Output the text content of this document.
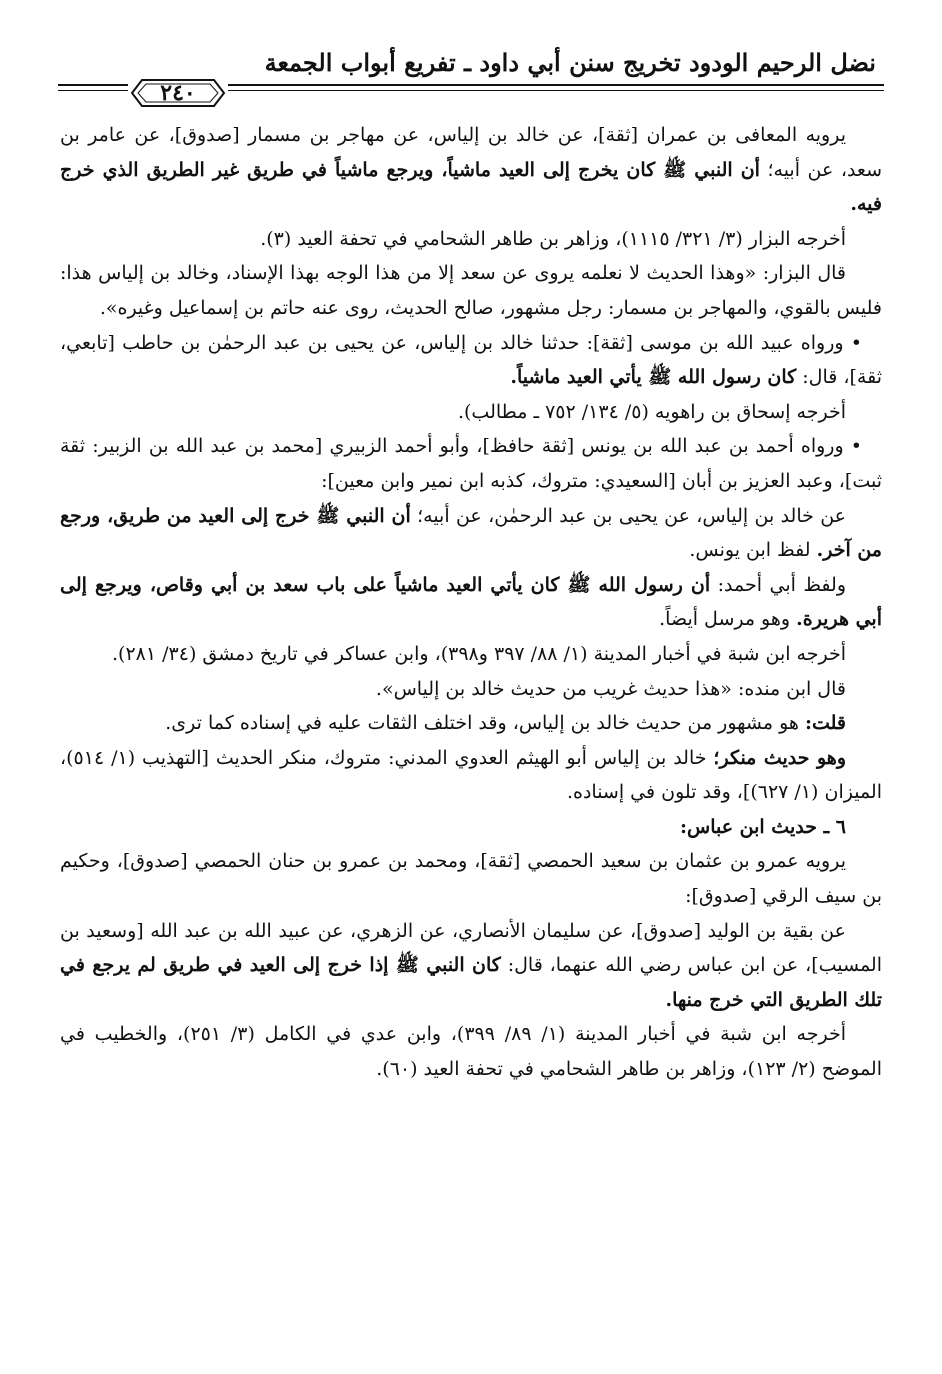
نضل الرحيم الودود تخريج سنن أبي داود ـ تفريع أبواب الجمعة
٢٤٠

يرويه المعافى بن عمران [ثقة]، عن خالد بن إلياس، عن مهاجر بن مسمار [صدوق]، عن عامر بن سعد، عن أبيه؛ أن النبي ﷺ كان يخرج إلى العيد ماشياً، ويرجع ماشياً في طريق غير الطريق الذي خرج فيه.

أخرجه البزار (٣/ ٣٢١/ ١١١٥)، وزاهر بن طاهر الشحامي في تحفة العيد (٣).

قال البزار: «وهذا الحديث لا نعلمه يروى عن سعد إلا من هذا الوجه بهذا الإسناد، وخالد بن إلياس هذا: فليس بالقوي، والمهاجر بن مسمار: رجل مشهور، صالح الحديث، روى عنه حاتم بن إسماعيل وغيره».

• ورواه عبيد الله بن موسى [ثقة]: حدثنا خالد بن إلياس، عن يحيى بن عبد الرحمٰن بن حاطب [تابعي، ثقة]، قال: كان رسول الله ﷺ يأتي العيد ماشياً.

أخرجه إسحاق بن راهويه (٥/ ١٣٤/ ٧٥٢ ـ مطالب).

• ورواه أحمد بن عبد الله بن يونس [ثقة حافظ]، وأبو أحمد الزبيري [محمد بن عبد الله بن الزبير: ثقة ثبت]، وعبد العزيز بن أبان [السعيدي: متروك، كذبه ابن نمير وابن معين]:

عن خالد بن إلياس، عن يحيى بن عبد الرحمٰن، عن أبيه؛ أن النبي ﷺ خرج إلى العيد من طريق، ورجع من آخر. لفظ ابن يونس.

ولفظ أبي أحمد: أن رسول الله ﷺ كان يأتي العيد ماشياً على باب سعد بن أبي وقاص، ويرجع إلى أبي هريرة. وهو مرسل أيضاً.

أخرجه ابن شبة في أخبار المدينة (١/ ٨٨/ ٣٩٧ و٣٩٨)، وابن عساكر في تاريخ دمشق (٣٤/ ٢٨١).

قال ابن منده: «هذا حديث غريب من حديث خالد بن إلياس».

قلت: هو مشهور من حديث خالد بن إلياس، وقد اختلف الثقات عليه في إسناده كما ترى.

وهو حديث منكر؛ خالد بن إلياس أبو الهيثم العدوي المدني: متروك، منكر الحديث [التهذيب (١/ ٥١٤)، الميزان (١/ ٦٢٧)]، وقد تلون في إسناده.

٦ ـ حديث ابن عباس:

يرويه عمرو بن عثمان بن سعيد الحمصي [ثقة]، ومحمد بن عمرو بن حنان الحمصي [صدوق]، وحكيم بن سيف الرقي [صدوق]:

عن بقية بن الوليد [صدوق]، عن سليمان الأنصاري، عن الزهري، عن عبيد الله بن عبد الله [وسعيد بن المسيب]، عن ابن عباس رضي الله عنهما، قال: كان النبي ﷺ إذا خرج إلى العيد في طريق لم يرجع في تلك الطريق التي خرج منها.

أخرجه ابن شبة في أخبار المدينة (١/ ٨٩/ ٣٩٩)، وابن عدي في الكامل (٣/ ٢٥١)، والخطيب في الموضح (٢/ ١٢٣)، وزاهر بن طاهر الشحامي في تحفة العيد (٦٠).
